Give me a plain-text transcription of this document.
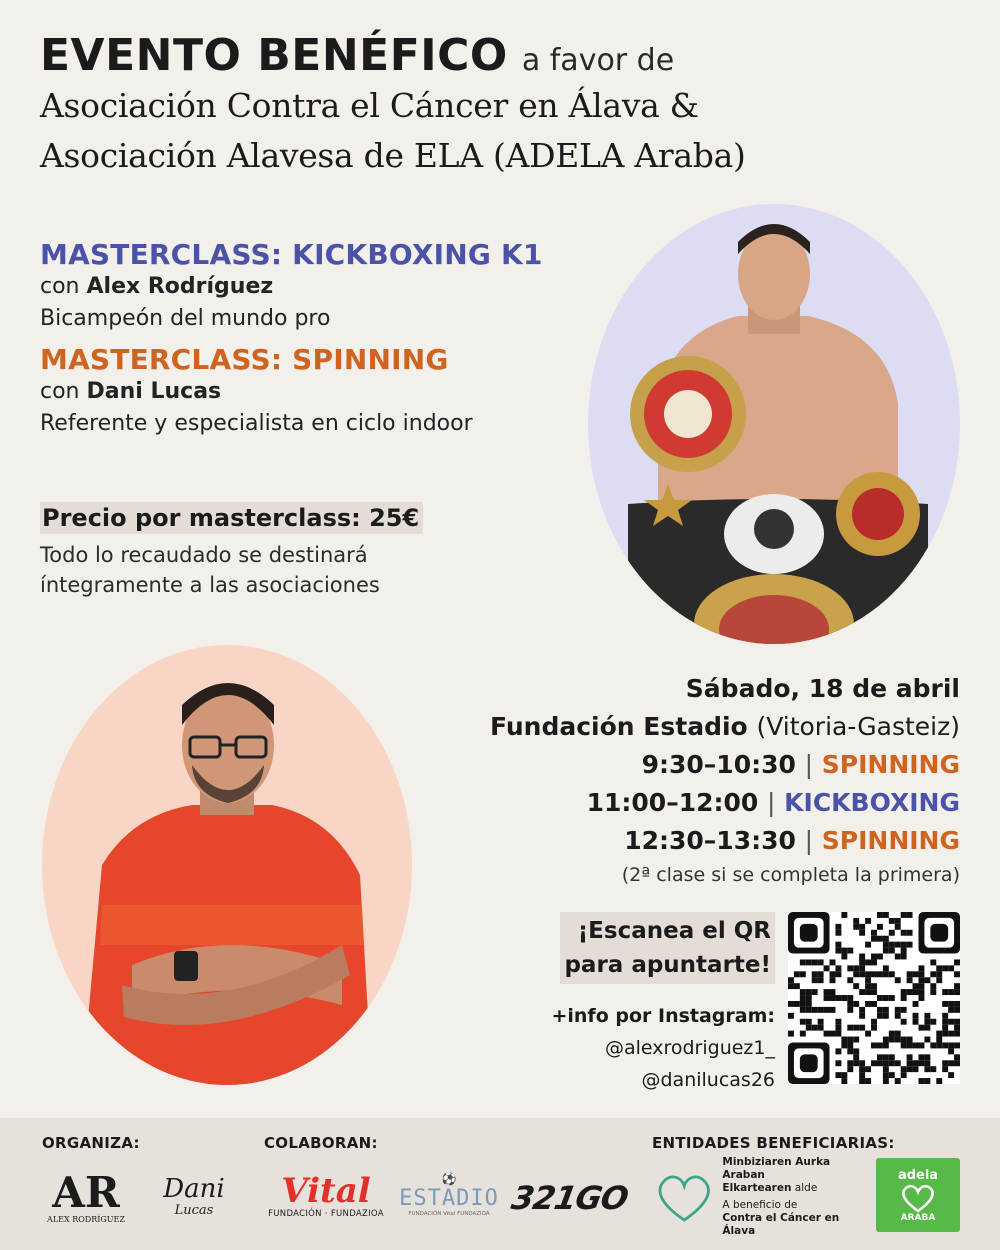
EVENTO BENÉFICO a favor de
Asociación Contra el Cáncer en Álava &
Asociación Alavesa de ELA (ADELA Araba)
MASTERCLASS: KICKBOXING K1
con Alex Rodríguez
Bicampeón del mundo pro
MASTERCLASS: SPINNING
con Dani Lucas
Referente y especialista en ciclo indoor
Precio por masterclass: 25€
Todo lo recaudado se destinará íntegramente a las asociaciones
Sábado, 18 de abril
Fundación Estadio (Vitoria-Gasteiz)
9:30–10:30 | SPINNING
11:00–12:00 | KICKBOXING
12:30–13:30 | SPINNING
(2ª clase si se completa la primera)
¡Escanea el QR
para apuntarte!
+info por Instagram:
@alexrodriguez1_
@danilucas26
ORGANIZA:	COLABORAN:	ENTIDADES BENEFICIARIAS:
AR
ALEX RODRÍGUEZ
Dani
Lucas Vital
FUNDACIÓN · FUNDAZIOA
⚽
ESTADIO
FUNDACIÓN Vital FUNDAZIOA 321GO
Minbiziaren Aurka Araban
Elkartearen alde
A beneficio de
Contra el Cáncer en Álava
adela
ARABA
